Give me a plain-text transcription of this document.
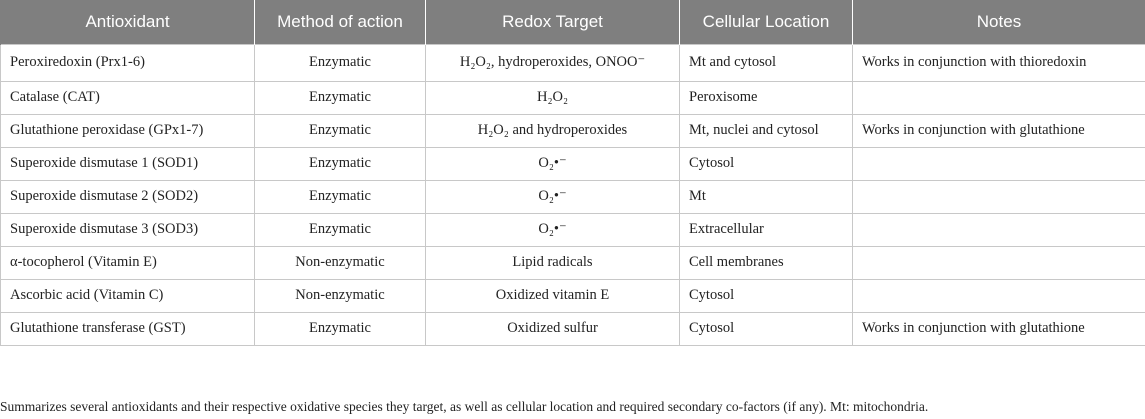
Antioxidant	Method of action	Redox Target	Cellular Location	Notes
Peroxiredoxin (Prx1-6)	Enzymatic	H₂O₂, hydroperoxides, ONOO⁻	Mt and cytosol	Works in conjunction with thioredoxin
Catalase (CAT)	Enzymatic	H₂O₂	Peroxisome	
Glutathione peroxidase (GPx1-7)	Enzymatic	H₂O₂ and hydroperoxides	Mt, nuclei and cytosol	Works in conjunction with glutathione
Superoxide dismutase 1 (SOD1)	Enzymatic	O₂•⁻	Cytosol	
Superoxide dismutase 2 (SOD2)	Enzymatic	O₂•⁻	Mt	
Superoxide dismutase 3 (SOD3)	Enzymatic	O₂•⁻	Extracellular	
α-tocopherol (Vitamin E)	Non-enzymatic	Lipid radicals	Cell membranes	
Ascorbic acid (Vitamin C)	Non-enzymatic	Oxidized vitamin E	Cytosol	
Glutathione transferase (GST)	Enzymatic	Oxidized sulfur	Cytosol	Works in conjunction with glutathione
Summarizes several antioxidants and their respective oxidative species they target, as well as cellular location and required secondary co-factors (if any). Mt: mitochondria.
